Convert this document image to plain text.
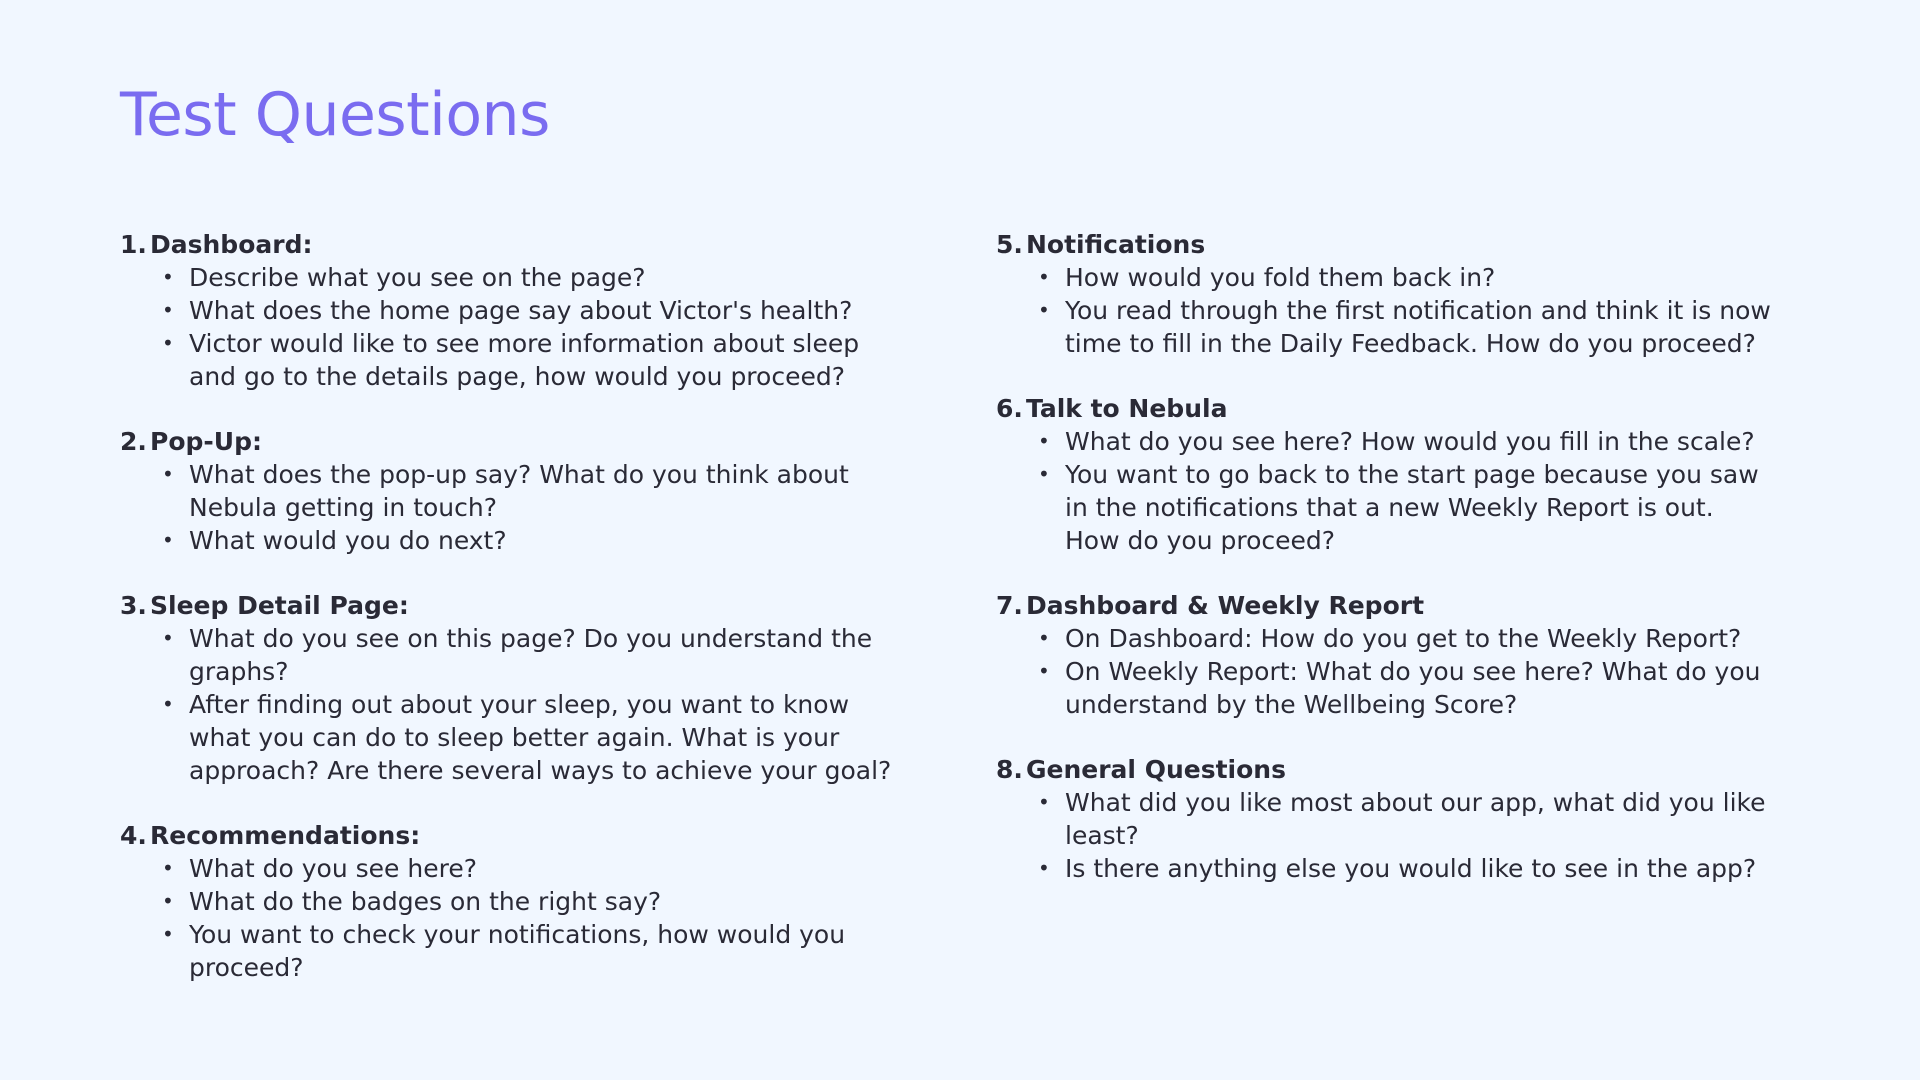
Test Questions
1. Dashboard:
• Describe what you see on the page?
• What does the home page say about Victor's health?
• Victor would like to see more information about sleep and go to the details page, how would you proceed?
2. Pop-Up:
• What does the pop-up say? What do you think about Nebula getting in touch?
• What would you do next?
3. Sleep Detail Page:
• What do you see on this page? Do you understand the graphs?
• After finding out about your sleep, you want to know what you can do to sleep better again. What is your approach? Are there several ways to achieve your goal?
4. Recommendations:
• What do you see here?
• What do the badges on the right say?
• You want to check your notifications, how would you proceed?
5. Notifications
• How would you fold them back in?
• You read through the first notification and think it is now time to fill in the Daily Feedback. How do you proceed?
6. Talk to Nebula
• What do you see here? How would you fill in the scale?
• You want to go back to the start page because you saw in the notifications that a new Weekly Report is out. How do you proceed?
7. Dashboard & Weekly Report
• On Dashboard: How do you get to the Weekly Report?
• On Weekly Report: What do you see here? What do you understand by the Wellbeing Score?
8. General Questions
• What did you like most about our app, what did you like least?
• Is there anything else you would like to see in the app?
